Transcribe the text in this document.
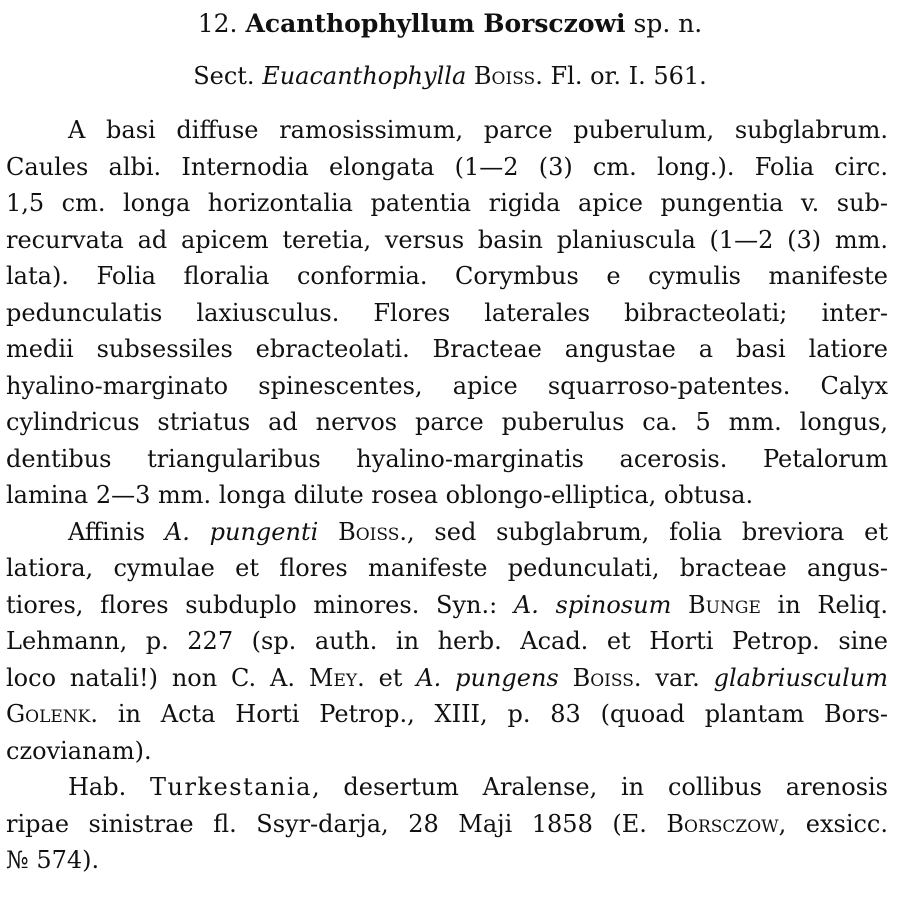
12. Acanthophyllum Borsczowi sp. n.
Sect. Euacanthophylla Boiss. Fl. or. I. 561.
A basi diffuse ramosissimum, parce puberulum, subglabrum.
Caules albi. Internodia elongata (1—2 (3) cm. long.). Folia circ.
1,5 cm. longa horizontalia patentia rigida apice pungentia v. sub-
recurvata ad apicem teretia, versus basin planiuscula (1—2 (3) mm.
lata). Folia floralia conformia. Corymbus e cymulis manifeste
pedunculatis laxiusculus. Flores laterales bibracteolati; inter-
medii subsessiles ebracteolati. Bracteae angustae a basi latiore
hyalino-marginato spinescentes, apice squarroso-patentes. Calyx
cylindricus striatus ad nervos parce puberulus ca. 5 mm. longus,
dentibus triangularibus hyalino-marginatis acerosis. Petalorum
lamina 2—3 mm. longa dilute rosea oblongo-elliptica, obtusa.
Affinis A. pungenti Boiss., sed subglabrum, folia breviora et
latiora, cymulae et flores manifeste pedunculati, bracteae angus-
tiores, flores subduplo minores. Syn.: A. spinosum Bunge in Reliq.
Lehmann, p. 227 (sp. auth. in herb. Acad. et Horti Petrop. sine
loco natali!) non C. A. Mey. et A. pungens Boiss. var. glabriusculum
Golenk. in Acta Horti Petrop., XIII, p. 83 (quoad plantam Bors-
czovianam).
Hab. Turkestania, desertum Aralense, in collibus arenosis
ripae sinistrae fl. Ssyr-darja, 28 Maji 1858 (E. Borsczow, exsicc.
№ 574).
